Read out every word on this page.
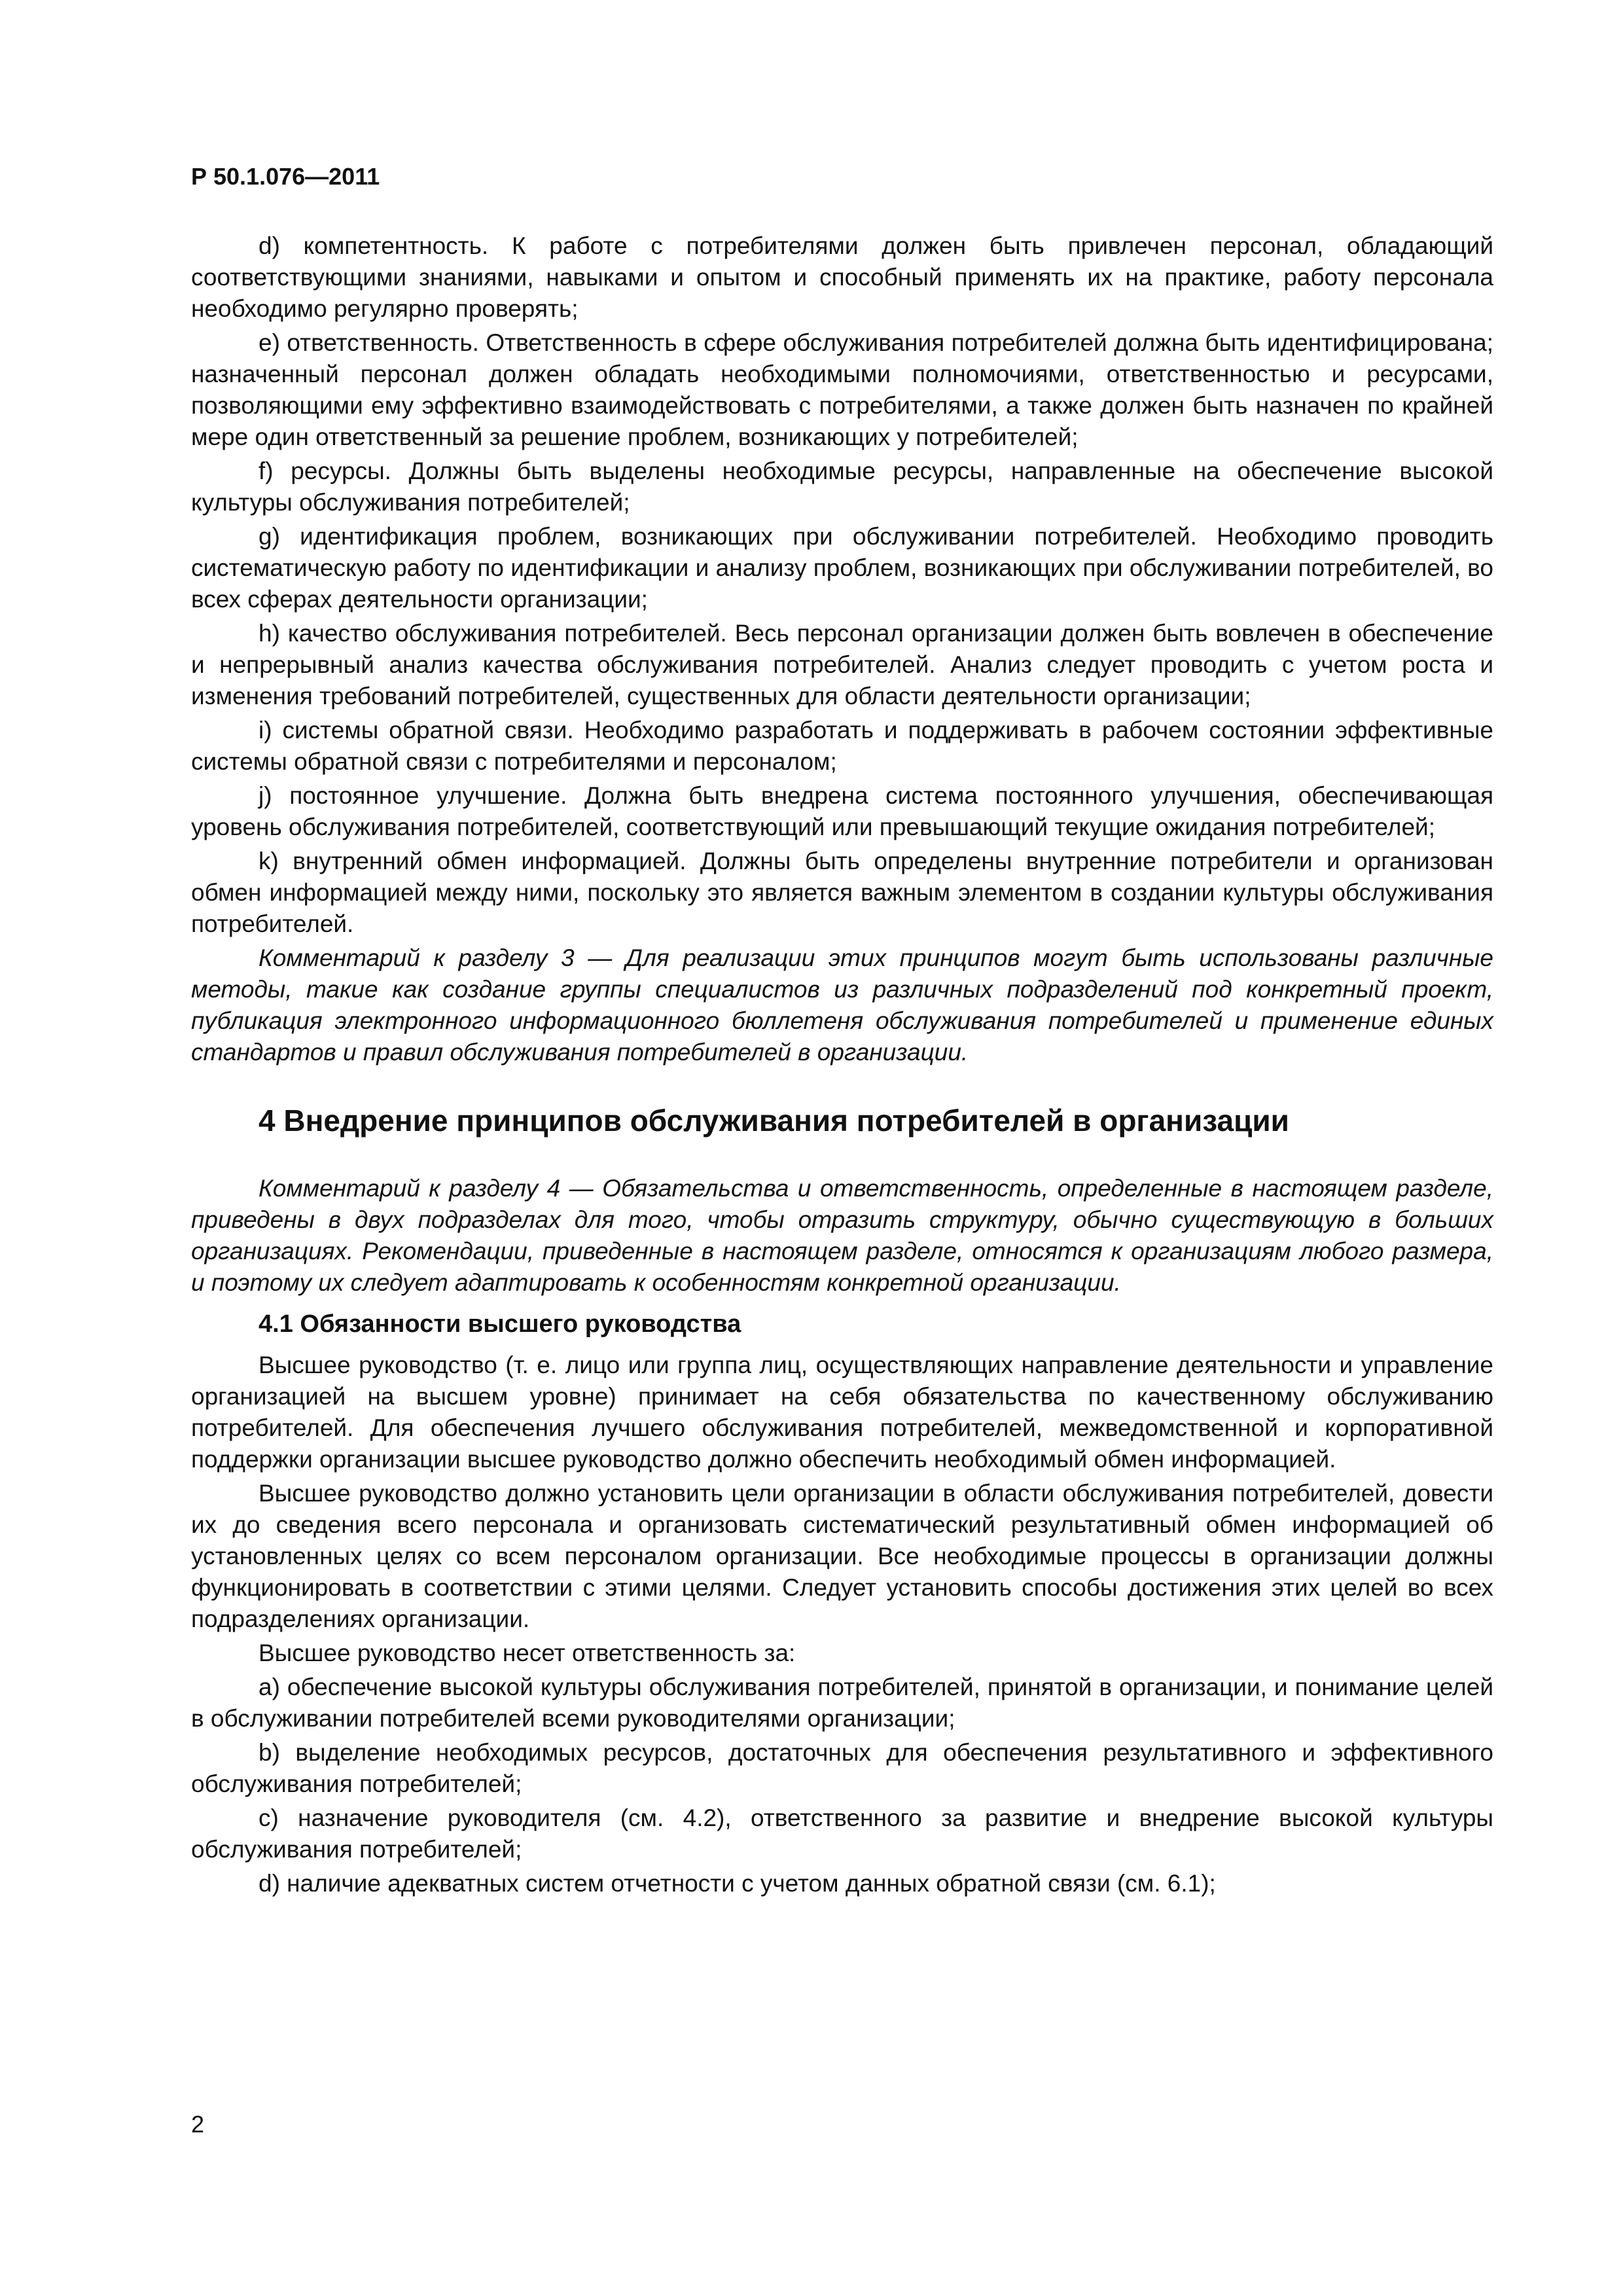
Р 50.1.076—2011

d) компетентность. К работе с потребителями должен быть привлечен персонал, обладающий соответствующими знаниями, навыками и опытом и способный применять их на практике, работу персонала необходимо регулярно проверять;

е) ответственность. Ответственность в сфере обслуживания потребителей должна быть идентифицирована; назначенный персонал должен обладать необходимыми полномочиями, ответственностью и ресурсами, позволяющими ему эффективно взаимодействовать с потребителями, а также должен быть назначен по крайней мере один ответственный за решение проблем, возникающих у потребителей;

f) ресурсы. Должны быть выделены необходимые ресурсы, направленные на обеспечение высокой культуры обслуживания потребителей;

g) идентификация проблем, возникающих при обслуживании потребителей. Необходимо проводить систематическую работу по идентификации и анализу проблем, возникающих при обслуживании потребителей, во всех сферах деятельности организации;

h) качество обслуживания потребителей. Весь персонал организации должен быть вовлечен в обеспечение и непрерывный анализ качества обслуживания потребителей. Анализ следует проводить с учетом роста и изменения требований потребителей, существенных для области деятельности организации;

i) системы обратной связи. Необходимо разработать и поддерживать в рабочем состоянии эффективные системы обратной связи с потребителями и персоналом;

j) постоянное улучшение. Должна быть внедрена система постоянного улучшения, обеспечивающая уровень обслуживания потребителей, соответствующий или превышающий текущие ожидания потребителей;

k) внутренний обмен информацией. Должны быть определены внутренние потребители и организован обмен информацией между ними, поскольку это является важным элементом в создании культуры обслуживания потребителей.

Комментарий к разделу 3 — Для реализации этих принципов могут быть использованы различные методы, такие как создание группы специалистов из различных подразделений под конкретный проект, публикация электронного информационного бюллетеня обслуживания потребителей и применение единых стандартов и правил обслуживания потребителей в организации.

4 Внедрение принципов обслуживания потребителей в организации

Комментарий к разделу 4 — Обязательства и ответственность, определенные в настоящем разделе, приведены в двух подразделах для того, чтобы отразить структуру, обычно существующую в больших организациях. Рекомендации, приведенные в настоящем разделе, относятся к организациям любого размера, и поэтому их следует адаптировать к особенностям конкретной организации.

4.1 Обязанности высшего руководства

Высшее руководство (т. е. лицо или группа лиц, осуществляющих направление деятельности и управление организацией на высшем уровне) принимает на себя обязательства по качественному обслуживанию потребителей. Для обеспечения лучшего обслуживания потребителей, межведомственной и корпоративной поддержки организации высшее руководство должно обеспечить необходимый обмен информацией.

Высшее руководство должно установить цели организации в области обслуживания потребителей, довести их до сведения всего персонала и организовать систематический результативный обмен информацией об установленных целях со всем персоналом организации. Все необходимые процессы в организации должны функционировать в соответствии с этими целями. Следует установить способы достижения этих целей во всех подразделениях организации.

Высшее руководство несет ответственность за:

а) обеспечение высокой культуры обслуживания потребителей, принятой в организации, и понимание целей в обслуживании потребителей всеми руководителями организации;

b) выделение необходимых ресурсов, достаточных для обеспечения результативного и эффективного обслуживания потребителей;

с) назначение руководителя (см. 4.2), ответственного за развитие и внедрение высокой культуры обслуживания потребителей;

d) наличие адекватных систем отчетности с учетом данных обратной связи (см. 6.1);

2
